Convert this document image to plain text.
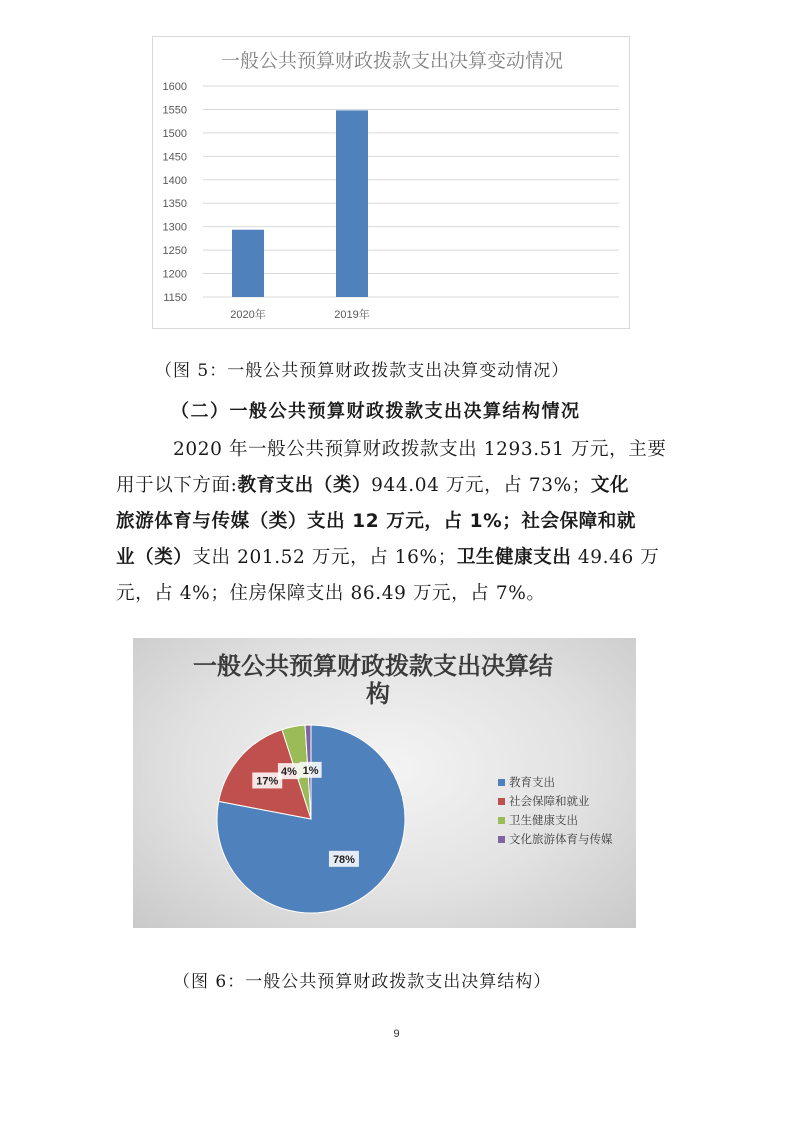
一般公共预算财政拨款支出决算变动情况
1150
1200
1250
1300
1350
1400
1450
1500
1550
1600
2020年	2019年
（图 5：一般公共预算财政拨款支出决算变动情况）
（二）一般公共预算财政拨款支出决算结构情况
2020 年一般公共预算财政拨款支出 1293.51 万元，主要
用于以下方面:教育支出（类）944.04 万元，占 73%；文化
旅游体育与传媒（类）支出 12 万元，占 1%；社会保障和就
业（类）支出 201.52 万元，占 16%；卫生健康支出 49.46 万
元，占 4%；住房保障支出 86.49 万元，占 7%。
一般公共预算财政拨款支出决算结
构
78%
17%
4% 1%
教育支出
社会保障和就业
卫生健康支出
文化旅游体育与传媒
（图 6：一般公共预算财政拨款支出决算结构）
9
